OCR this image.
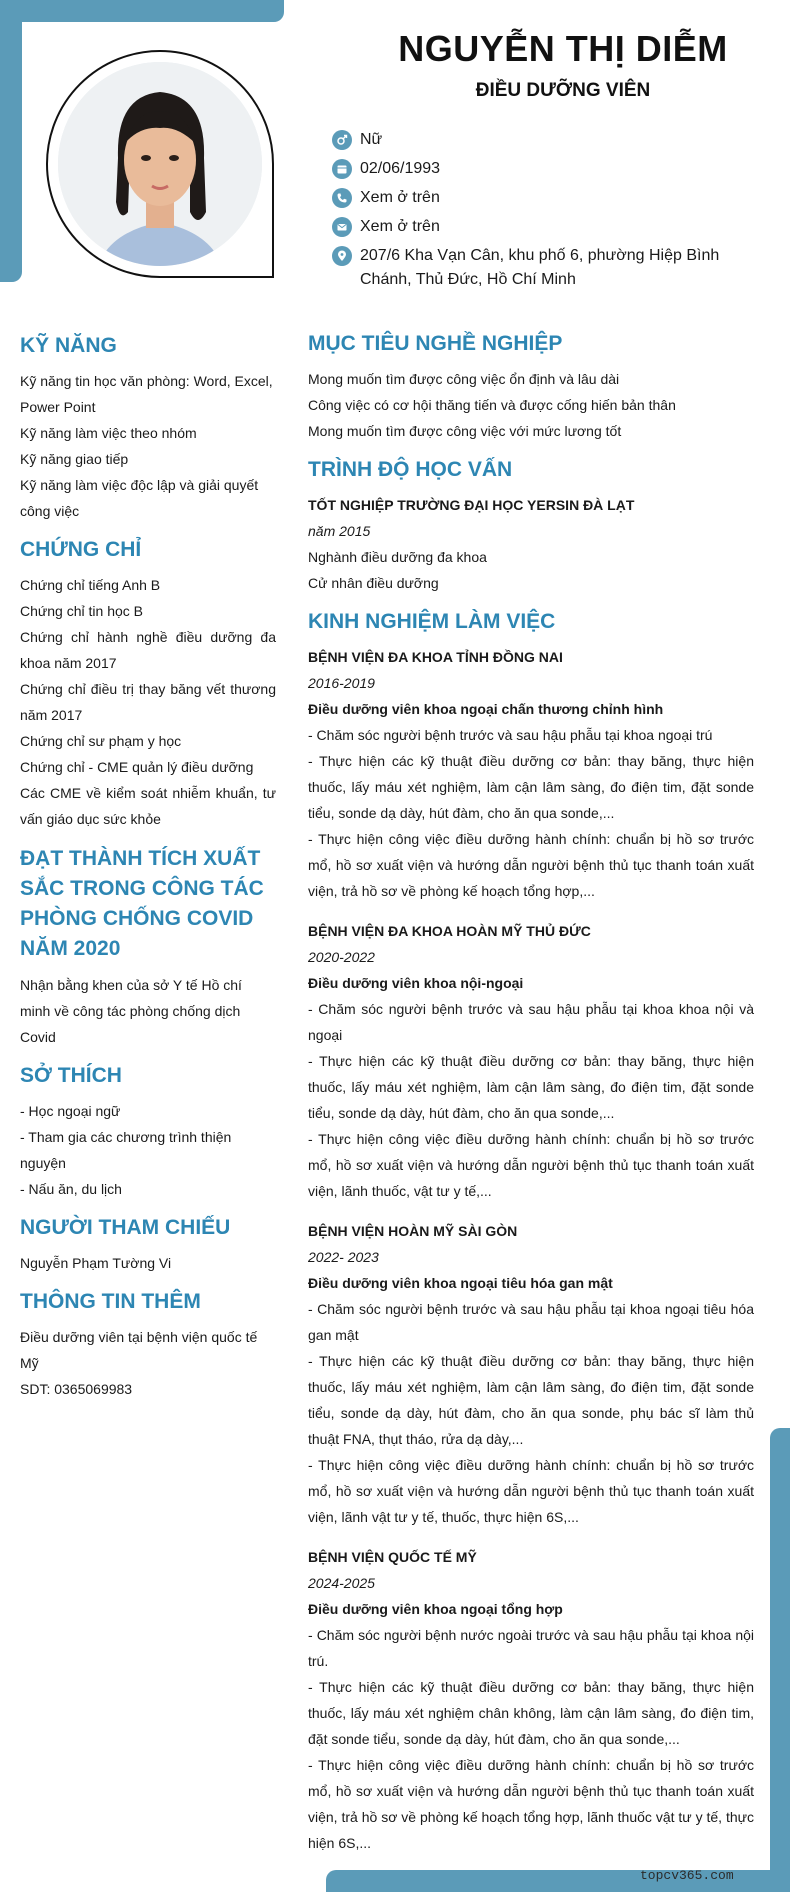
NGUYỄN THỊ DIỄM
ĐIỀU DƯỠNG VIÊN
Nữ
02/06/1993
Xem ở trên
Xem ở trên
207/6 Kha Vạn Cân, khu phố 6, phường Hiệp Bình Chánh, Thủ Đức, Hồ Chí Minh
KỸ NĂNG

Kỹ năng tin học văn phòng: Word, Excel, Power Point

Kỹ năng làm việc theo nhóm

Kỹ năng giao tiếp

Kỹ năng làm việc độc lập và giải quyết công việc

CHỨNG CHỈ

Chứng chỉ tiếng Anh B

Chứng chỉ tin học B

Chứng chỉ hành nghề điều dưỡng đa khoa năm 2017

Chứng chỉ điều trị thay băng vết thương năm 2017

Chứng chỉ sư phạm y học

Chứng chỉ - CME quản lý điều dưỡng

Các CME về kiểm soát nhiễm khuẩn, tư vấn giáo dục sức khỏe

ĐẠT THÀNH TÍCH XUẤT SẮC TRONG CÔNG TÁC PHÒNG CHỐNG COVID NĂM 2020

Nhận bằng khen của sở Y tế Hồ chí minh về công tác phòng chống dịch Covid

SỞ THÍCH

- Học ngoại ngữ

- Tham gia các chương trình thiện nguyện

- Nấu ăn, du lịch

NGƯỜI THAM CHIẾU

Nguyễn Phạm Tường Vi

THÔNG TIN THÊM

Điều dưỡng viên tại bệnh viện quốc tế Mỹ

SDT: 0365069983

MỤC TIÊU NGHỀ NGHIỆP

Mong muốn tìm được công việc ổn định và lâu dài

Công việc có cơ hội thăng tiến và được cống hiến bản thân

Mong muốn tìm được công việc với mức lương tốt

TRÌNH ĐỘ HỌC VẤN

TỐT NGHIỆP TRƯỜNG ĐẠI HỌC YERSIN ĐÀ LẠT

năm 2015

Nghành điều dưỡng đa khoa

Cử nhân điều dưỡng

KINH NGHIỆM LÀM VIỆC

BỆNH VIỆN ĐA KHOA TỈNH ĐỒNG NAI

2016-2019

Điều dưỡng viên khoa ngoại chấn thương chỉnh hình

- Chăm sóc người bệnh trước và sau hậu phẫu tại khoa ngoại trú

- Thực hiện các kỹ thuật điều dưỡng cơ bản: thay băng, thực hiện thuốc, lấy máu xét nghiệm, làm cận lâm sàng, đo điện tim, đặt sonde tiểu, sonde dạ dày, hút đàm, cho ăn qua sonde,...

- Thực hiện công việc điều dưỡng hành chính: chuẩn bị hồ sơ trước mổ, hồ sơ xuất viện và hướng dẫn người bệnh thủ tục thanh toán xuất viện, trả hồ sơ về phòng kế hoạch tổng hợp,...

BỆNH VIỆN ĐA KHOA HOÀN MỸ THỦ ĐỨC

2020-2022

Điều dưỡng viên khoa nội-ngoại

- Chăm sóc người bệnh trước và sau hậu phẫu tại khoa khoa nội và ngoại

- Thực hiện các kỹ thuật điều dưỡng cơ bản: thay băng, thực hiện thuốc, lấy máu xét nghiệm, làm cận lâm sàng, đo điện tim, đặt sonde tiểu, sonde dạ dày, hút đàm, cho ăn qua sonde,...

- Thực hiện công việc điều dưỡng hành chính: chuẩn bị hồ sơ trước mổ, hồ sơ xuất viện và hướng dẫn người bệnh thủ tục thanh toán xuất viện, lãnh thuốc, vật tư y tế,...

BỆNH VIỆN HOÀN MỸ SÀI GÒN

2022- 2023

Điều dưỡng viên khoa ngoại tiêu hóa gan mật

- Chăm sóc người bệnh trước và sau hậu phẫu tại khoa ngoại tiêu hóa gan mật

- Thực hiện các kỹ thuật điều dưỡng cơ bản: thay băng, thực hiện thuốc, lấy máu xét nghiệm, làm cận lâm sàng, đo điện tim, đặt sonde tiểu, sonde dạ dày, hút đàm, cho ăn qua sonde, phụ bác sĩ làm thủ thuật FNA, thụt tháo, rửa dạ dày,...

- Thực hiện công việc điều dưỡng hành chính: chuẩn bị hồ sơ trước mổ, hồ sơ xuất viện và hướng dẫn người bệnh thủ tục thanh toán xuất viện, lãnh vật tư y tế, thuốc, thực hiện 6S,...

BỆNH VIỆN QUỐC TẾ MỸ

2024-2025

Điều dưỡng viên khoa ngoại tổng hợp

- Chăm sóc người bệnh nước ngoài trước và sau hậu phẫu tại khoa nội trú.

- Thực hiện các kỹ thuật điều dưỡng cơ bản: thay băng, thực hiện thuốc, lấy máu xét nghiệm chân không, làm cận lâm sàng, đo điện tim, đặt sonde tiểu, sonde dạ dày, hút đàm, cho ăn qua sonde,...

- Thực hiện công việc điều dưỡng hành chính: chuẩn bị hồ sơ trước mổ, hồ sơ xuất viện và hướng dẫn người bệnh thủ tục thanh toán xuất viện, trả hồ sơ về phòng kế hoạch tổng hợp, lãnh thuốc vật tư y tế, thực hiện 6S,...

topcv365.com
